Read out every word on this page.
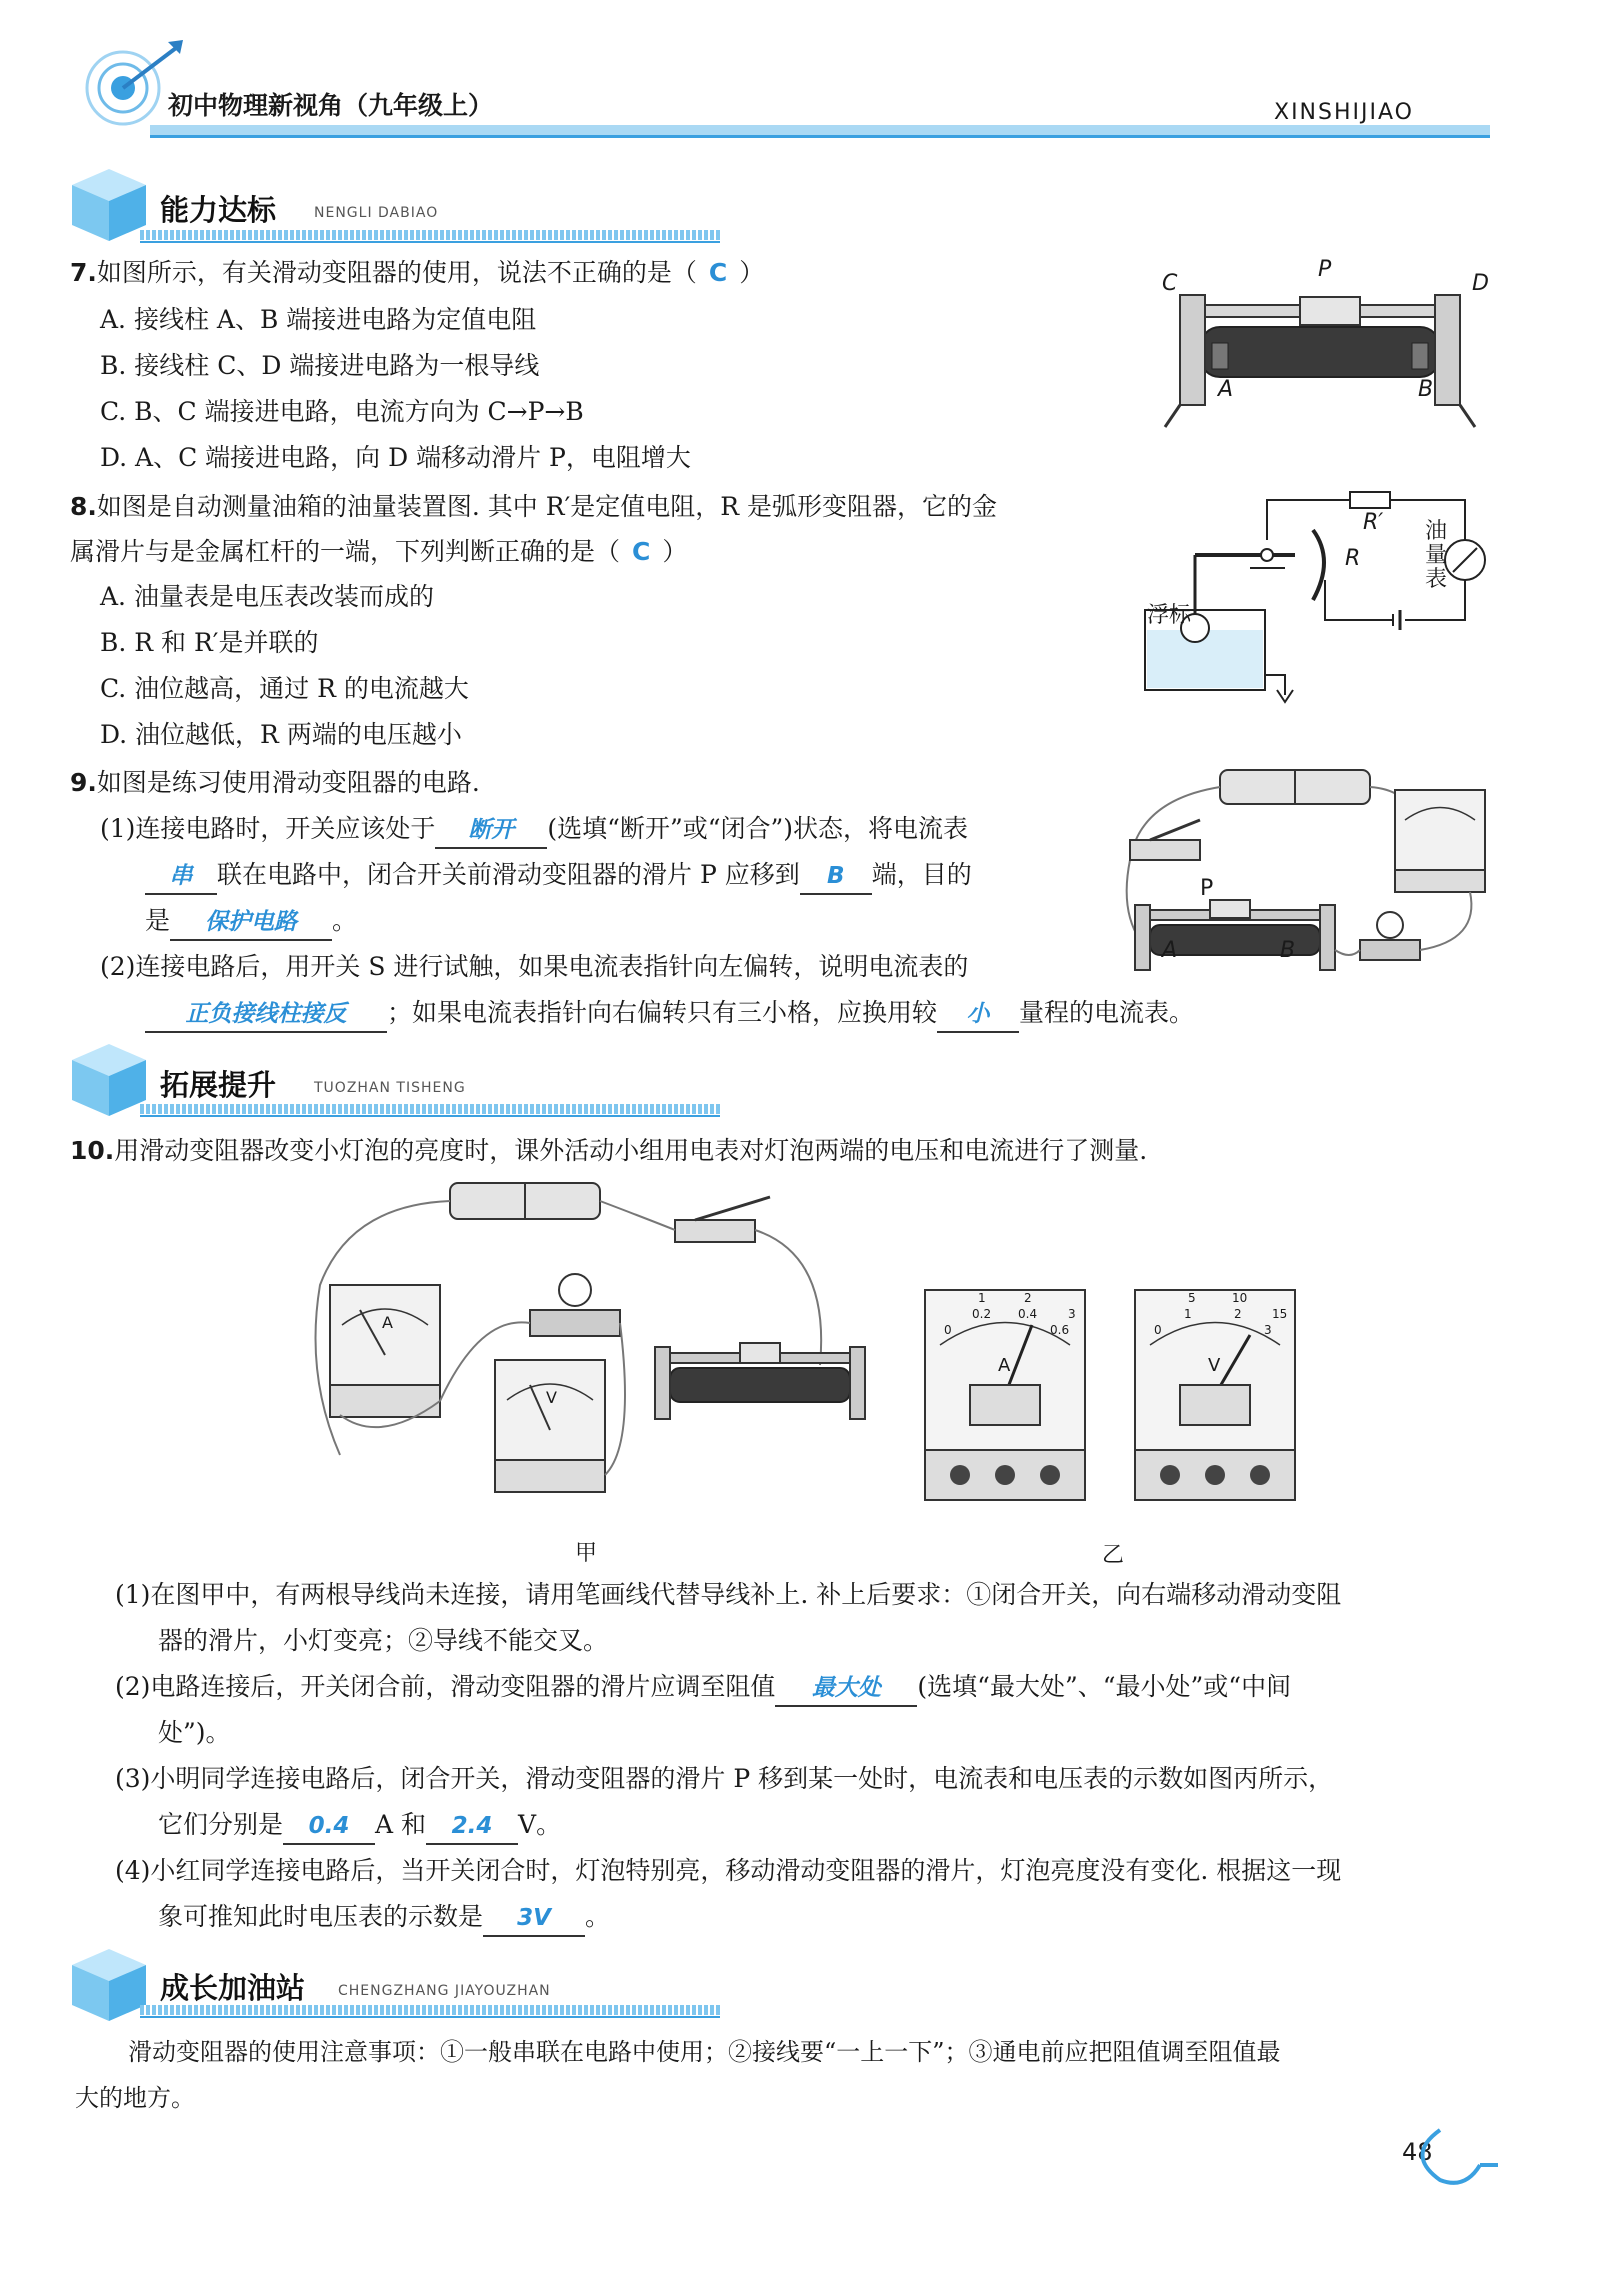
初中物理新视角（九年级上）	XINSHIJIAO
能力达标	NENGLI DABIAO
7.如图所示，有关滑动变阻器的使用，说法不正确的是（ C ）
A. 接线柱 A、B 端接进电路为定值电阻
B. 接线柱 C、D 端接进电路为一根导线
C. B、C 端接进电路，电流方向为 C→P→B
D. A、C 端接进电路，向 D 端移动滑片 P，电阻增大
C
P
D
A	B
8.如图是自动测量油箱的油量装置图. 其中 R′是定值电阻，R 是弧形变阻器，它的金
属滑片与是金属杠杆的一端，下列判断正确的是（ C ）
A. 油量表是电压表改装而成的
B. R 和 R′是并联的
C. 油位越高，通过 R 的电流越大
D. 油位越低，R 两端的电压越小
浮标
R′
R
油量表
9.如图是练习使用滑动变阻器的电路.
(1)连接电路时，开关应该处于 断开 (选填“断开”或“闭合”)状态，将电流表
串 联在电路中，闭合开关前滑动变阻器的滑片 P 应移到 B 端，目的
是 保护电路 。
(2)连接电路后，用开关 S 进行试触，如果电流表指针向左偏转，说明电流表的
正负接线柱接反 ；如果电流表指针向右偏转只有三小格，应换用较 小 量程的电流表。
P
A	B
拓展提升	TUOZHAN TISHENG
10.用滑动变阻器改变小灯泡的亮度时，课外活动小组用电表对灯泡两端的电压和电流进行了测量.
A
V
甲
0
0.2 0.4
0.6
1	2
3
A
0
1	2
3
5	10
15
V
乙
(1)在图甲中，有两根导线尚未连接，请用笔画线代替导线补上. 补上后要求：①闭合开关，向右端移动滑动变阻
器的滑片，小灯变亮；②导线不能交叉。
(2)电路连接后，开关闭合前，滑动变阻器的滑片应调至阻值 最大处 (选填“最大处”、“最小处”或“中间
处”)。
(3)小明同学连接电路后，闭合开关，滑动变阻器的滑片 P 移到某一处时，电流表和电压表的示数如图丙所示，
它们分别是 0.4 A 和 2.4 V。
(4)小红同学连接电路后，当开关闭合时，灯泡特别亮，移动滑动变阻器的滑片，灯泡亮度没有变化. 根据这一现
象可推知此时电压表的示数是 3V 。
成长加油站 CHENGZHANG JIAYOUZHAN
滑动变阻器的使用注意事项：①一般串联在电路中使用；②接线要“一上一下”；③通电前应把阻值调至阻值最
大的地方。
48
